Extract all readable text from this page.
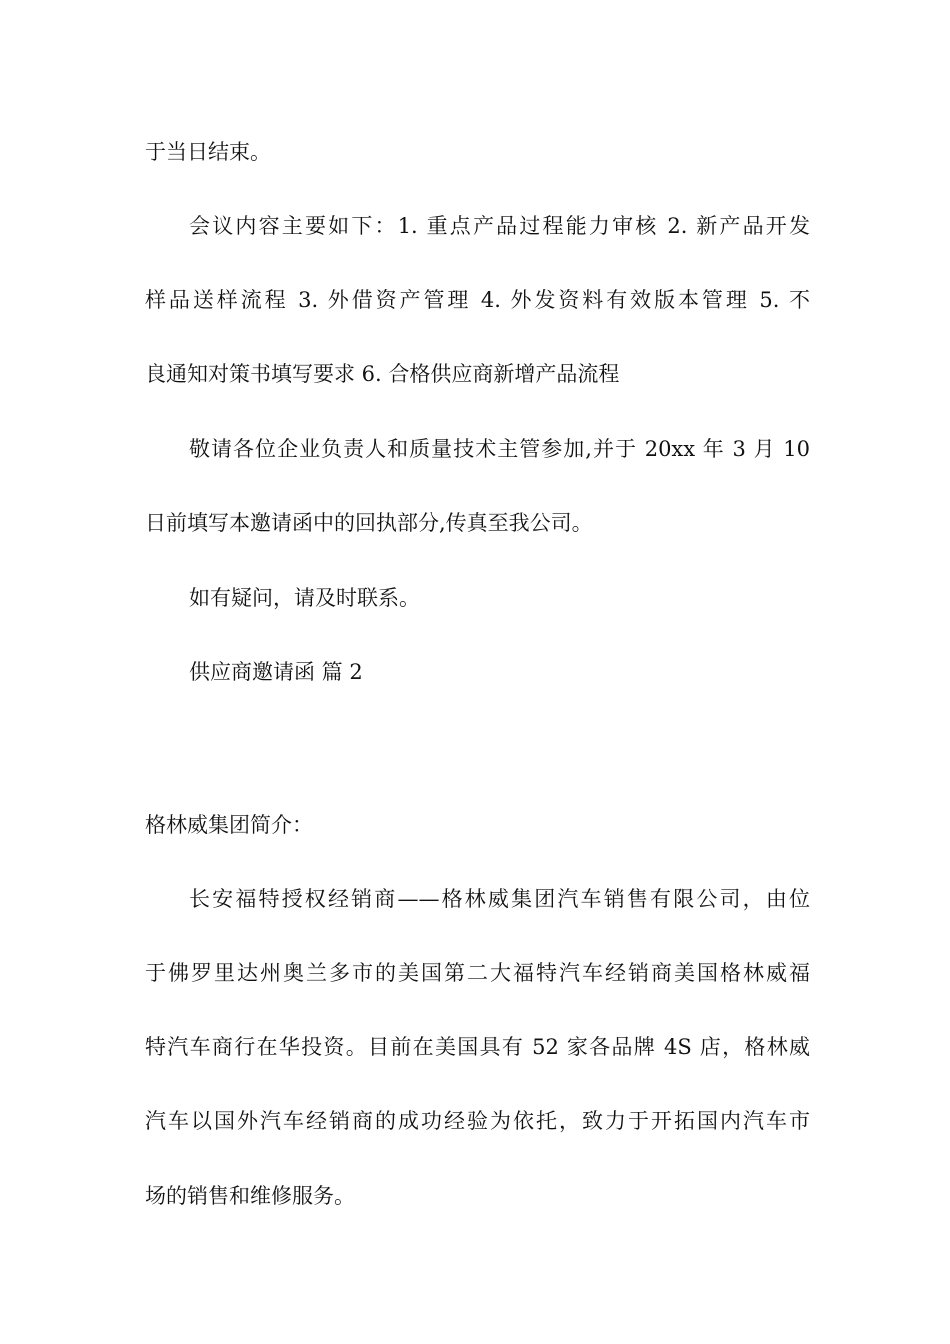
于当日结束。
会议内容主要如下：1. 重点产品过程能力审核 2. 新产品开发
样品送样流程 3. 外借资产管理 4. 外发资料有效版本管理 5. 不
良通知对策书填写要求 6. 合格供应商新增产品流程
敬请各位企业负责人和质量技术主管参加,并于 20xx 年 3 月 10
日前填写本邀请函中的回执部分,传真至我公司。
如有疑问，请及时联系。
供应商邀请函 篇 2
格林威集团简介：
长安福特授权经销商——格林威集团汽车销售有限公司，由位
于佛罗里达州奥兰多市的美国第二大福特汽车经销商美国格林威福
特汽车商行在华投资。目前在美国具有 52 家各品牌 4S 店，格林威
汽车以国外汽车经销商的成功经验为依托，致力于开拓国内汽车市
场的销售和维修服务。
